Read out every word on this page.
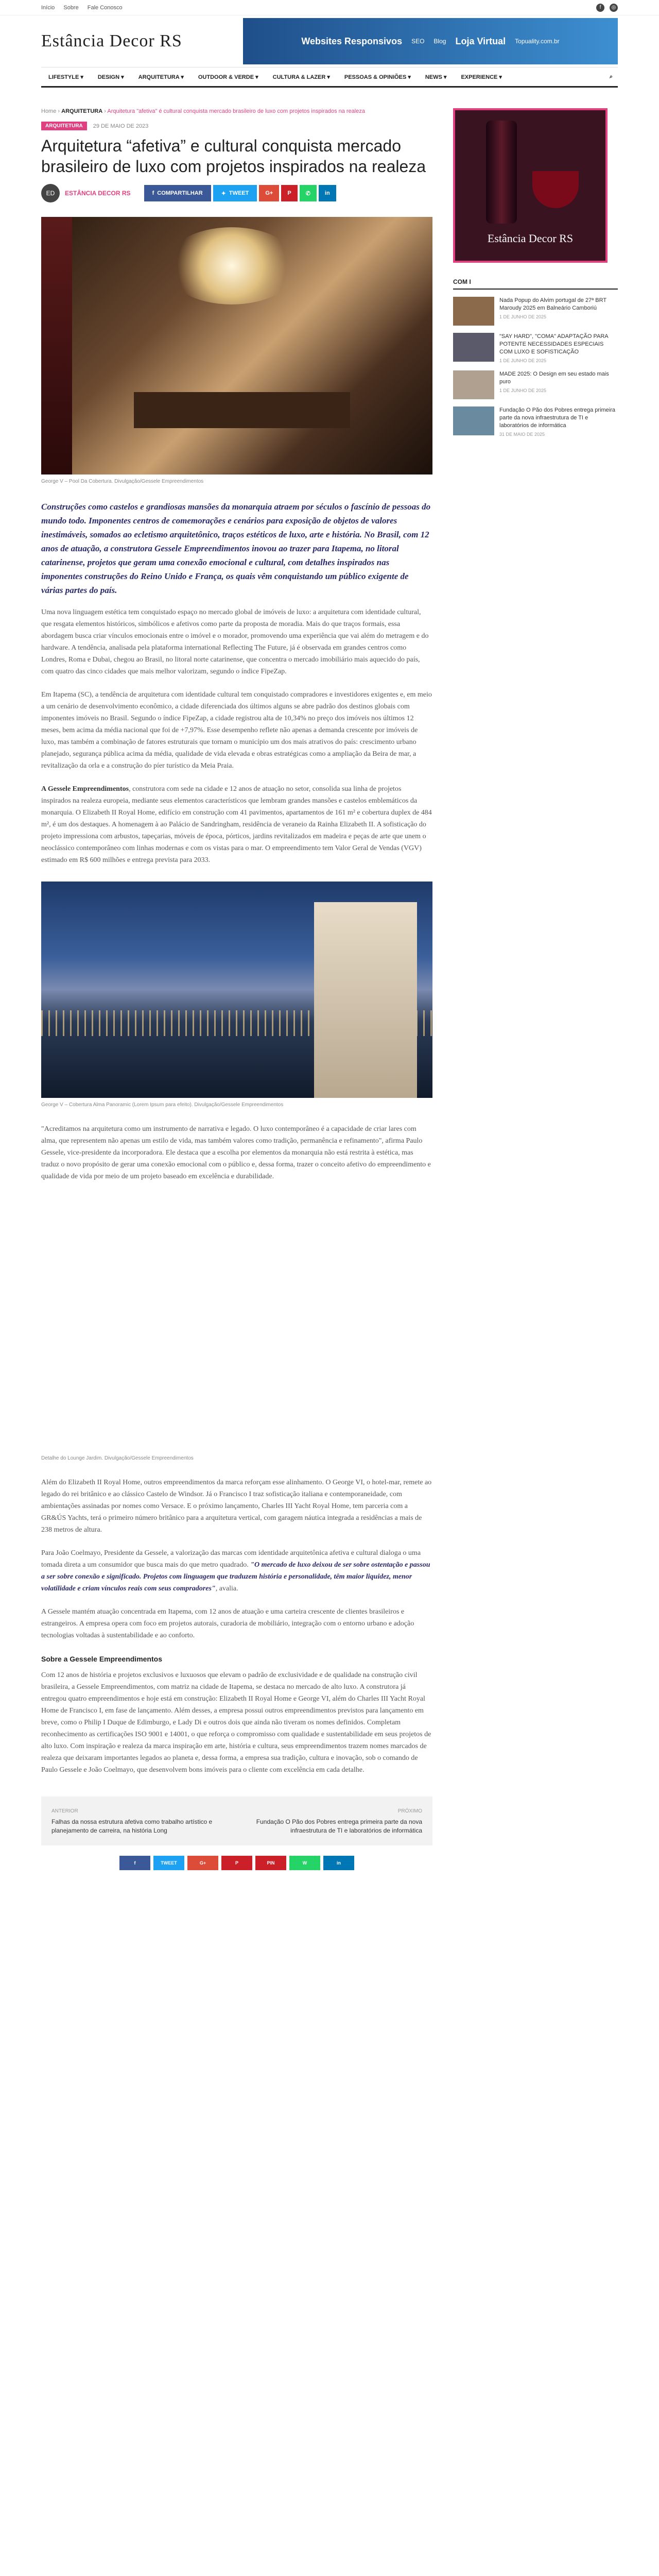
Início Sobre Fale Conosco	f	◎
Estância Decor RS	Websites Responsivos SEO Blog Loja Virtual Topuality.com.br
LIFESTYLE ▾	DESIGN ▾	ARQUITETURA ▾	OUTDOOR & VERDE ▾	CULTURA & LAZER ▾	PESSOAS & OPINIÕES ▾	NEWS ▾	EXPERIENCE ▾	⌕
Home › ARQUITETURA › Arquitetura "afetiva" é cultural conquista mercado brasileiro de luxo com projetos inspirados na realeza
ARQUITETURA	29 DE MAIO DE 2023
Arquitetura “afetiva” e cultural conquista mercado brasileiro de luxo com projetos inspirados na realeza
ED	ESTÂNCIA DECOR RS	f COMPARTILHAR	✦ TWEET	G+	P	✆	in
George V – Pool Da Cobertura. Divulgação/Gessele Empreendimentos
Construções como castelos e grandiosas mansões da monarquia atraem por séculos o fascínio de pessoas do mundo todo. Imponentes centros de comemorações e cenários para exposição de objetos de valores inestimáveis, somados ao ecletismo arquitetônico, traços estéticos de luxo, arte e história. No Brasil, com 12 anos de atuação, a construtora Gessele Empreendimentos inovou ao trazer para Itapema, no litoral catarinense, projetos que geram uma conexão emocional e cultural, com detalhes inspirados nas imponentes construções do Reino Unido e França, os quais vêm conquistando um público exigente de várias partes do país.
Uma nova linguagem estética tem conquistado espaço no mercado global de imóveis de luxo: a arquitetura com identidade cultural, que resgata elementos históricos, simbólicos e afetivos como parte da proposta de moradia. Mais do que traços formais, essa abordagem busca criar vínculos emocionais entre o imóvel e o morador, promovendo uma experiência que vai além do metragem e do hardware. A tendência, analisada pela plataforma international Reflecting The Future, já é observada em grandes centros como Londres, Roma e Dubai, chegou ao Brasil, no litoral norte catarinense, que concentra o mercado imobiliário mais aquecido do país, com quatro das cinco cidades que mais melhor valorizam, segundo o índice FipeZap.
Em Itapema (SC), a tendência de arquitetura com identidade cultural tem conquistado compradores e investidores exigentes e, em meio a um cenário de desenvolvimento econômico, a cidade diferenciada dos últimos alguns se abre padrão dos destinos globais com imponentes imóveis no Brasil. Segundo o índice FipeZap, a cidade registrou alta de 10,34% no preço dos imóveis nos últimos 12 meses, bem acima da média nacional que foi de +7,97%. Esse desempenho reflete não apenas a demanda crescente por imóveis de luxo, mas também a combinação de fatores estruturais que tornam o município um dos mais atrativos do país: crescimento urbano planejado, segurança pública acima da média, qualidade de vida elevada e obras estratégicas como a ampliação da Beira de mar, a revitalização da orla e a construção do píer turístico da Meia Praia.
A Gessele Empreendimentos, construtora com sede na cidade e 12 anos de atuação no setor, consolida sua linha de projetos inspirados na realeza europeia, mediante seus elementos característicos que lembram grandes mansões e castelos emblemáticos da monarquia. O Elizabeth II Royal Home, edifício em construção com 41 pavimentos, apartamentos de 161 m² e cobertura duplex de 484 m², é um dos destaques. A homenagem à ao Palácio de Sandringham, residência de veraneio da Rainha Elizabeth II. A sofisticação do projeto impressiona com arbustos, tapeçarias, móveis de época, pórticos, jardins revitalizados em madeira e peças de arte que unem o neoclássico contemporâneo com linhas modernas e com os vistas para o mar. O empreendimento tem Valor Geral de Vendas (VGV) estimado em R$ 600 milhões e entrega prevista para 2033.
George V – Cobertura Alma Panoramic (Lorem Ipsum para efeito). Divulgação/Gessele Empreendimentos
"Acreditamos na arquitetura como um instrumento de narrativa e legado. O luxo contemporâneo é a capacidade de criar lares com alma, que representem não apenas um estilo de vida, mas também valores como tradição, permanência e refinamento", afirma Paulo Gessele, vice-presidente da incorporadora. Ele destaca que a escolha por elementos da monarquia não está restrita à estética, mas traduz o novo propósito de gerar uma conexão emocional com o público e, dessa forma, trazer o conceito afetivo do empreendimento e qualidade de vida por meio de um projeto baseado em excelência e durabilidade.
Detalhe do Lounge Jardim. Divulgação/Gessele Empreendimentos
Além do Elizabeth II Royal Home, outros empreendimentos da marca reforçam esse alinhamento. O George VI, o hotel-mar, remete ao legado do rei britânico e ao clássico Castelo de Windsor. Já o Francisco I traz sofisticação italiana e contemporaneidade, com ambientações assinadas por nomes como Versace. E o próximo lançamento, Charles III Yacht Royal Home, tem parceria com a GR&ÚS Yachts, terá o primeiro número britânico para a arquitetura vertical, com garagem náutica integrada a residências a mais de 238 metros de altura.
Para João Coelmayo, Presidente da Gessele, a valorização das marcas com identidade arquitetônica afetiva e cultural dialoga o uma tomada direta a um consumidor que busca mais do que metro quadrado. "O mercado de luxo deixou de ser sobre ostentação e passou a ser sobre conexão e significado. Projetos com linguagem que traduzem história e personalidade, têm maior liquidez, menor volatilidade e criam vínculos reais com seus compradores", avalia.
A Gessele mantém atuação concentrada em Itapema, com 12 anos de atuação e uma carteira crescente de clientes brasileiros e estrangeiros. A empresa opera com foco em projetos autorais, curadoria de mobiliário, integração com o entorno urbano e adoção tecnologias voltadas à sustentabilidade e ao conforto.
Sobre a Gessele Empreendimentos
Com 12 anos de história e projetos exclusivos e luxuosos que elevam o padrão de exclusividade e de qualidade na construção civil brasileira, a Gessele Empreendimentos, com matriz na cidade de Itapema, se destaca no mercado de alto luxo. A construtora já entregou quatro empreendimentos e hoje está em construção: Elizabeth II Royal Home e George VI, além do Charles III Yacht Royal Home de Francisco I, em fase de lançamento. Além desses, a empresa possui outros empreendimentos previstos para lançamento em breve, como o Philip I Duque de Edimburgo, e Lady Di e outros dois que ainda não tiveram os nomes definidos. Completam reconhecimento as certificações ISO 9001 e 14001, o que reforça o compromisso com qualidade e sustentabilidade em seus projetos de alto luxo. Com inspiração e realeza da marca inspiração em arte, história e cultura, seus empreendimentos trazem nomes marcados de realeza que deixaram importantes legados ao planeta e, dessa forma, a empresa sua tradição, cultura e inovação, sob o comando de Paulo Gessele e João Coelmayo, que desenvolvem bons imóveis para o cliente com excelência em cada detalhe.
ANTERIOR
Falhas da nossa estrutura afetiva como trabalho artístico e planejamento de carreira, na história Long
PRÓXIMO
Fundação O Pão dos Pobres entrega primeira parte da nova infraestrutura de TI e laboratórios de informática
f	TWEET	G+	P	PIN	W	in
Estância Decor RS
COM I
Nada Popup do Alvim portugal de 27ª BRT Maroudy 2025 em Balneário Camboriú
1 DE JUNHO DE 2025
"SAY HARD", "COMA" ADAPTAÇÃO PARA POTENTE NECESSIDADES ESPECIAIS COM LUXO E SOFISTICAÇÃO
1 DE JUNHO DE 2025
MADE 2025: O Design em seu estado mais puro
1 DE JUNHO DE 2025
Fundação O Pão dos Pobres entrega primeira parte da nova infraestrutura de TI e laboratórios de informática
31 DE MAIO DE 2025
